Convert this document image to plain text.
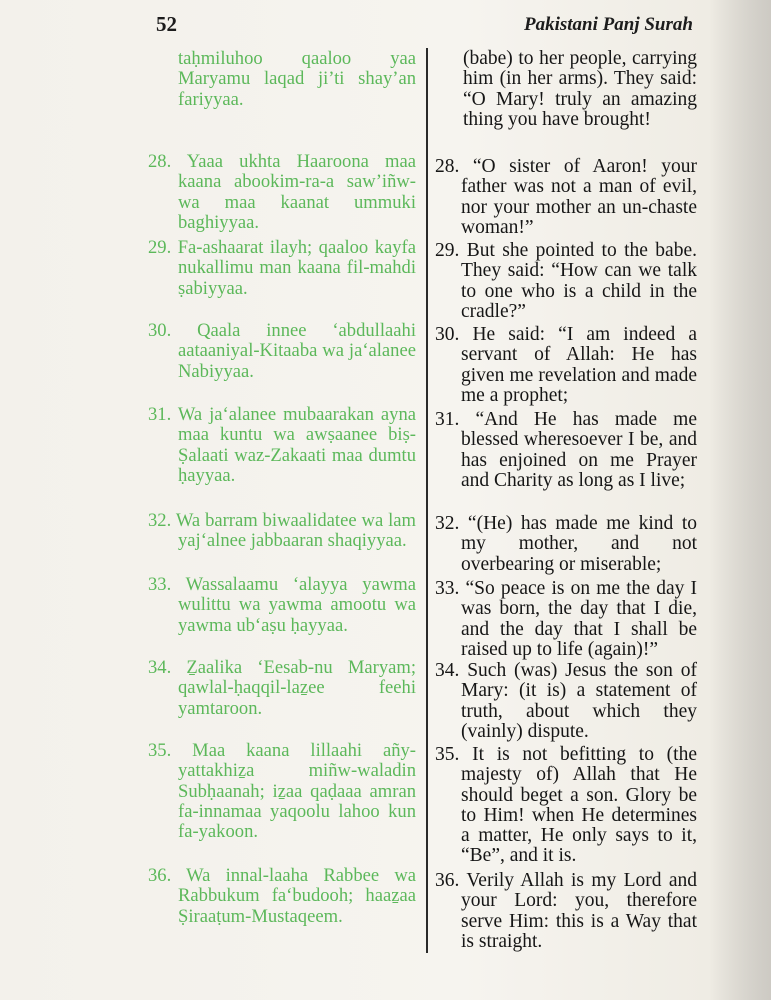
52	Pakistani Panj Surah
taḥmiluhoo qaaloo yaa Maryamu laqad ji’ti shay’an fariyyaa.
28. Yaaa ukhta Haaroona maa kaana abookim-ra-a saw’iñw-wa maa kaanat ummuki baghiyyaa.
29. Fa-ashaarat ilayh; qaaloo kayfa nukallimu man kaana fil-mahdi ṣabiyyaa.
30. Qaala innee ‘abdullaahi aataaniyal-Kitaaba wa ja‘alanee Nabiyyaa.
31. Wa ja‘alanee mubaarakan ayna maa kuntu wa awṣaanee biṣ-Ṣalaati waz-Zakaati maa dumtu ḥayyaa.
32. Wa barram biwaalidatee wa lam yaj‘alnee jabbaaran shaqiyyaa.
33. Wassalaamu ‘alayya yawma wulittu wa yawma amootu wa yawma ub‘aṣu ḥayyaa.
34. Ẕaalika ‘Eesab-nu Maryam; qawlal-ḥaqqil-laẕee feehi yamtaroon.
35. Maa kaana lillaahi añy-yattakhiẕa miñw-waladin Subḥaanah; iẕaa qaḍaaa amran fa-innamaa yaqoolu lahoo kun fa-yakoon.
36. Wa innal-laaha Rabbee wa Rabbukum fa‘budooh; haaẕaa Ṣiraaṭum-Mustaqeem.
(babe) to her people, carrying him (in her arms). They said: “O Mary! truly an amazing thing you have brought!
28. “O sister of Aaron! your father was not a man of evil, nor your mother an un-chaste woman!”
29. But she pointed to the babe. They said: “How can we talk to one who is a child in the cradle?”
30. He said: “I am indeed a servant of Allah: He has given me revelation and made me a prophet;
31. “And He has made me blessed wheresoever I be, and has enjoined on me Prayer and Charity as long as I live;
32. “(He) has made me kind to my mother, and not overbearing or miserable;
33. “So peace is on me the day I was born, the day that I die, and the day that I shall be raised up to life (again)!”
34. Such (was) Jesus the son of Mary: (it is) a statement of truth, about which they (vainly) dispute.
35. It is not befitting to (the majesty of) Allah that He should beget a son. Glory be to Him! when He determines a matter, He only says to it, “Be”, and it is.
36. Verily Allah is my Lord and your Lord: you, therefore serve Him: this is a Way that is straight.
